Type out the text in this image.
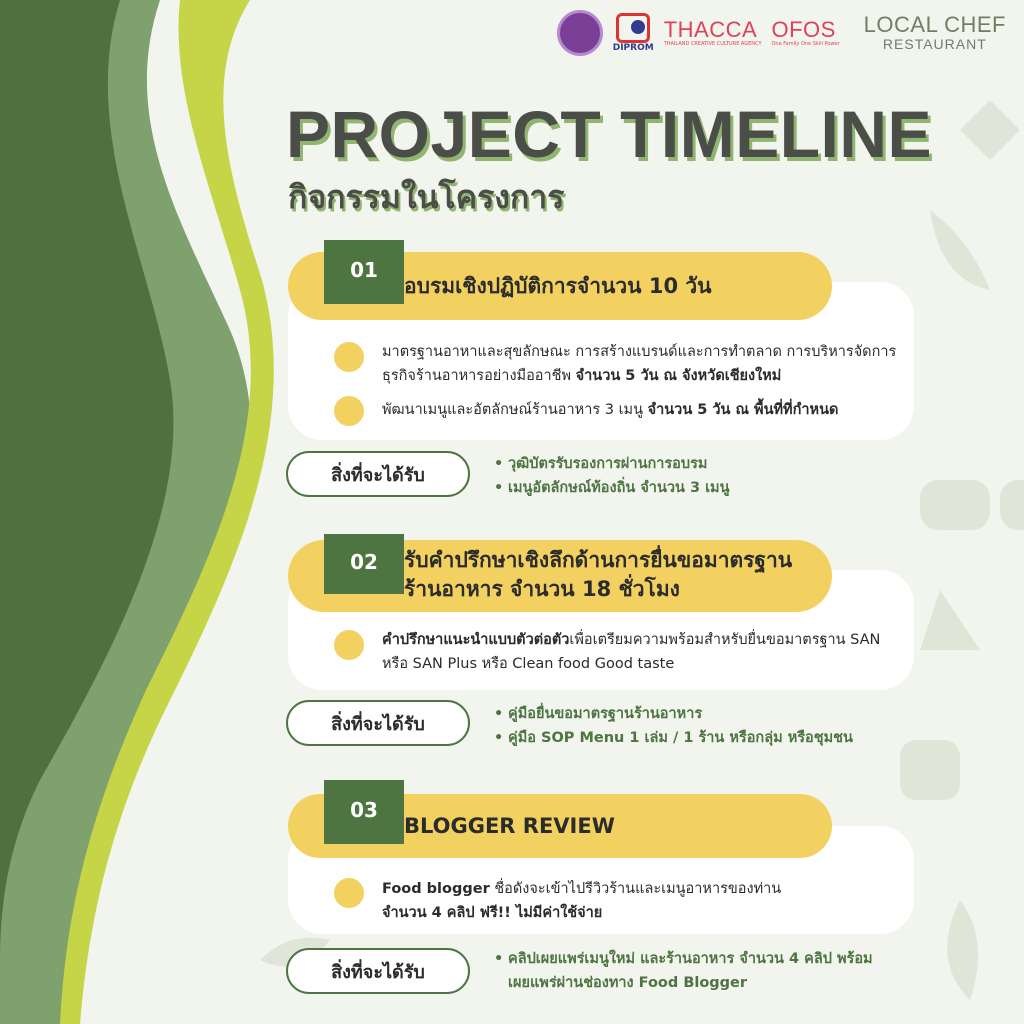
DIPROM
THACCA
THAILAND CREATIVE CULTURE AGENCY
OFOS
One Family One Skill Power
LOCAL CHEF
RESTAURANT
PROJECT TIMELINE
กิจกรรมในโครงการ
01
อบรมเชิงปฏิบัติการจำนวน 10 วัน
มาตรฐานอาหาและสุขลักษณะ การสร้างแบรนด์และการทำตลาด การบริหารจัดการธุรกิจร้านอาหารอย่างมืออาชีพ จำนวน 5 วัน ณ จังหวัดเชียงใหม่
พัฒนาเมนูและอัตลักษณ์ร้านอาหาร 3 เมนู จำนวน 5 วัน ณ พื้นที่ที่กำหนด
สิ่งที่จะได้รับ
• วุฒิบัตรรับรองการผ่านการอบรม
• เมนูอัตลักษณ์ท้องถิ่น จำนวน 3 เมนู
02 รับคำปรึกษาเชิงลึกด้านการยื่นขอมาตรฐาน
ร้านอาหาร จำนวน 18 ชั่วโมง
คำปรึกษาแนะนำแบบตัวต่อตัวเพื่อเตรียมความพร้อมสำหรับยื่นขอมาตรฐาน SAN หรือ SAN Plus หรือ Clean food Good taste
สิ่งที่จะได้รับ
•	คู่มือยื่นขอมาตรฐานร้านอาหาร
• คู่มือ SOP Menu 1 เล่ม / 1 ร้าน หรือกลุ่ม หรือชุมชน
03
BLOGGER REVIEW
Food blogger ชื่อดังจะเข้าไปรีวิวร้านและเมนูอาหารของท่าน
จำนวน 4 คลิป ฟรี!! ไม่มีค่าใช้จ่าย
สิ่งที่จะได้รับ
• คลิปเผยแพร่เมนูใหม่ และร้านอาหาร จำนวน 4 คลิป พร้อมเผยแพร่ผ่านช่องทาง Food Blogger
